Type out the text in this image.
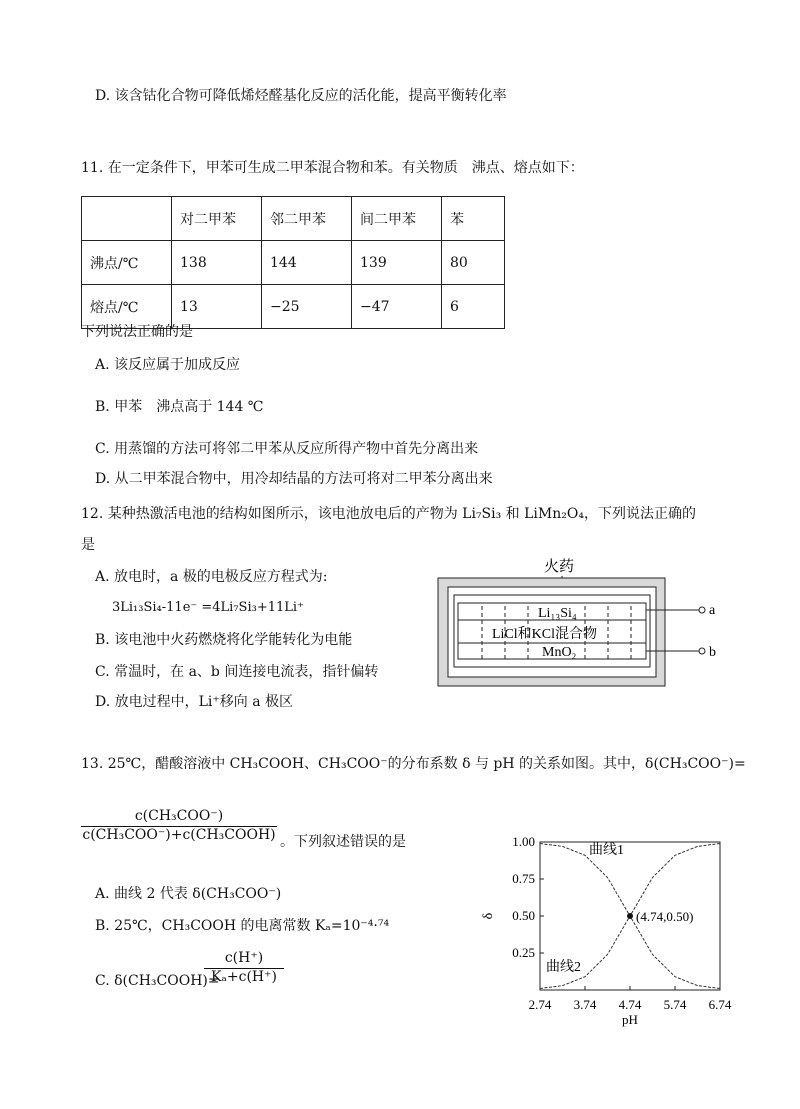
D. 该含钴化合物可降低烯烃醛基化反应的活化能，提高平衡转化率
11. 在一定条件下，甲苯可生成二甲苯混合物和苯。有关物质　沸点、熔点如下：
	对二甲苯	邻二甲苯	间二甲苯	苯
沸点/℃	138	144	139	80
熔点/℃	13	−25	−47	6
下列说法正确的是
A. 该反应属于加成反应
B. 甲苯　沸点高于 144 ℃
C. 用蒸馏的方法可将邻二甲苯从反应所得产物中首先分离出来
D. 从二甲苯混合物中，用冷却结晶的方法可将对二甲苯分离出来
12. 某种热激活电池的结构如图所示，该电池放电后的产物为 Li₇Si₃ 和 LiMn₂O₄，下列说法正确的
是
A. 放电时，a 极的电极反应方程式为:
3Li₁₃Si₄-11e⁻ =4Li₇Si₃+11Li⁺
B. 该电池中火药燃烧将化学能转化为电能
C. 常温时，在 a、b 间连接电流表，指针偏转
D. 放电过程中，Li⁺移向 a 极区
火药
Li₁₃Si₄
LiCl和KCl混合物
MnO₂
a
b
13. 25℃，醋酸溶液中 CH₃COOH、CH₃COO⁻的分布系数 δ 与 pH 的关系如图。其中，δ(CH₃COO⁻)=
c(CH₃COO⁻)
c(CH₃COO⁻)+c(CH₃COOH) 。下列叙述错误的是
A. 曲线 2 代表 δ(CH₃COO⁻)
B. 25℃，CH₃COOH 的电离常数 Kₐ=10⁻⁴·⁷⁴
C. δ(CH₃COOH)=
$\frac{c(H^+)}{\text{Kₐ+c(H⁺)}}$
2.74 3.74 4.74 5.74 6.74
0.25
0.50
0.75
1.00
pH
δ
曲线1
曲线2
(4.74,0.50)
